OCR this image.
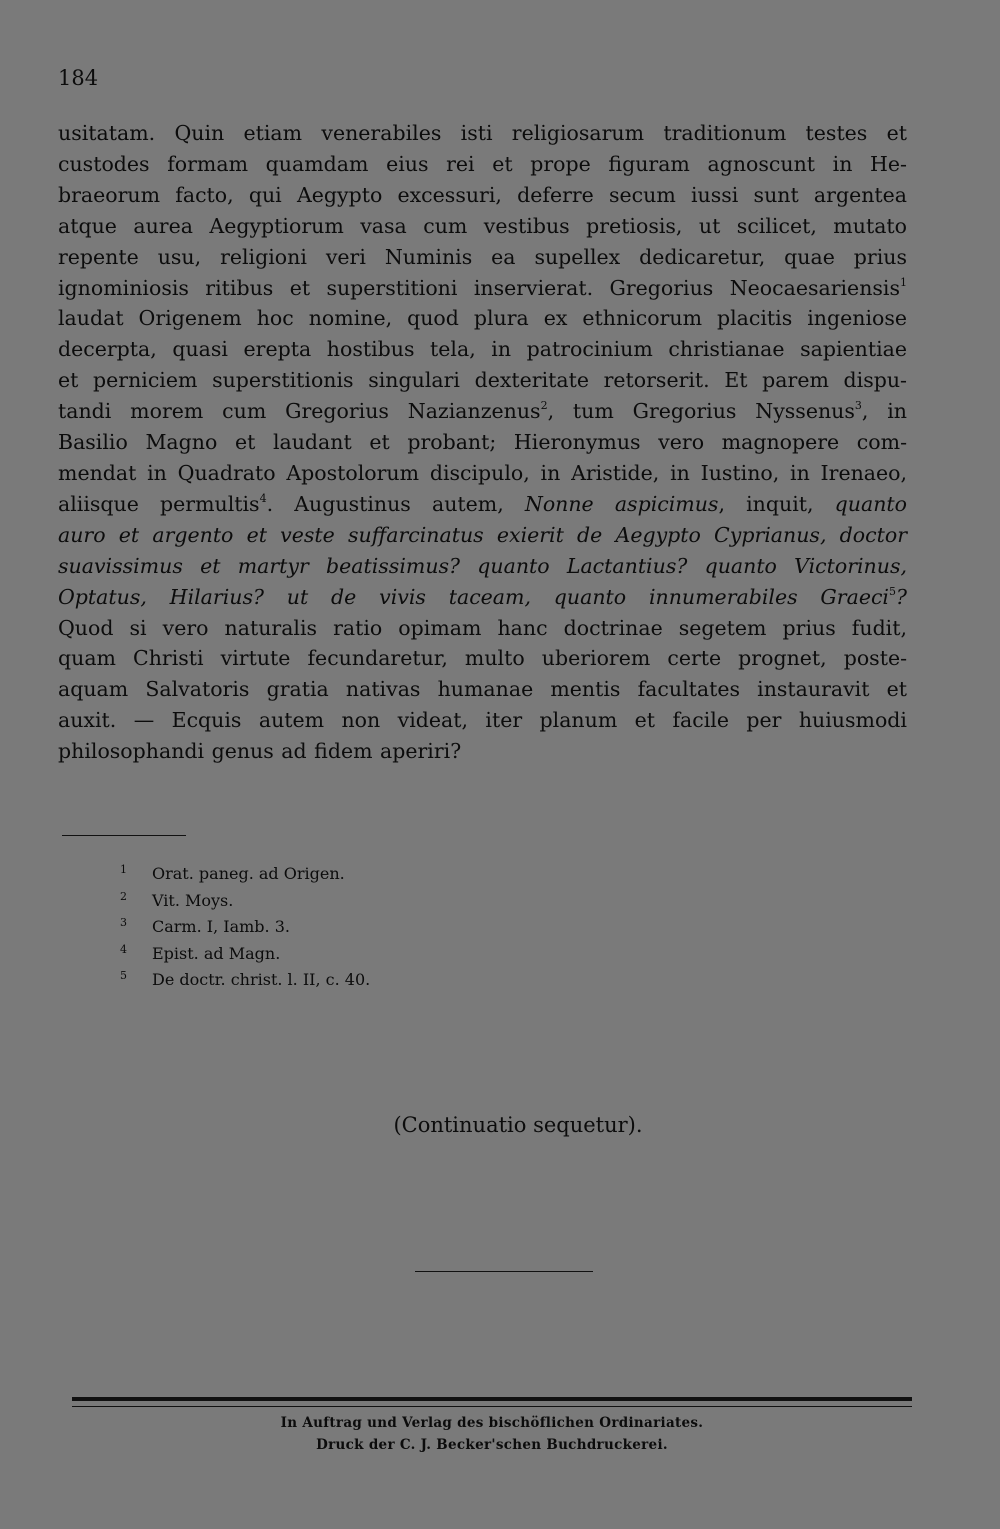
184

usitatam. Quin etiam venerabiles isti religiosarum traditionum testes et
custodes formam quamdam eius rei et prope figuram agnoscunt in He-
braeorum facto, qui Aegypto excessuri, deferre secum iussi sunt argentea
atque aurea Aegyptiorum vasa cum vestibus pretiosis, ut scilicet, mutato
repente usu, religioni veri Numinis ea supellex dedicaretur, quae prius
ignominiosis ritibus et superstitioni inservierat. Gregorius Neocaesariensis$^1$
laudat Origenem hoc nomine, quod plura ex ethnicorum placitis ingeniose
decerpta, quasi erepta hostibus tela, in patrocinium christianae sapientiae
et perniciem superstitionis singulari dexteritate retorserit. Et parem dispu-
tandi morem cum Gregorius Nazianzenus$^2$, tum Gregorius Nyssenus$^3$, in
Basilio Magno et laudant et probant; Hieronymus vero magnopere com-
mendat in Quadrato Apostolorum discipulo, in Aristide, in Iustino, in Irenaeo,
aliisque permultis$^4$. Augustinus autem, Nonne aspicimus, inquit, quanto
auro et argento et veste suffarcinatus exierit de Aegypto Cyprianus, doctor
suavissimus et martyr beatissimus? quanto Lactantius? quanto Victorinus,
Optatus, Hilarius? ut de vivis taceam, quanto innumerabiles Graeci$^5$?
Quod si vero naturalis ratio opimam hanc doctrinae segetem prius fudit,
quam Christi virtute fecundaretur, multo uberiorem certe prognet, poste-
aquam Salvatoris gratia nativas humanae mentis facultates instauravit et
auxit. — Ecquis autem non videat, iter planum et facile per huiusmodi
philosophandi genus ad fidem aperiri?

1	Orat. paneg. ad Origen.
2	Vit. Moys.
3	Carm. I, Iamb. 3.
4	Epist. ad Magn.
5	De doctr. christ. l. II, c. 40.
(Continuatio sequetur).
In Auftrag und Verlag des bischöflichen Ordinariates.
Druck der C. J. Becker'schen Buchdruckerei.
